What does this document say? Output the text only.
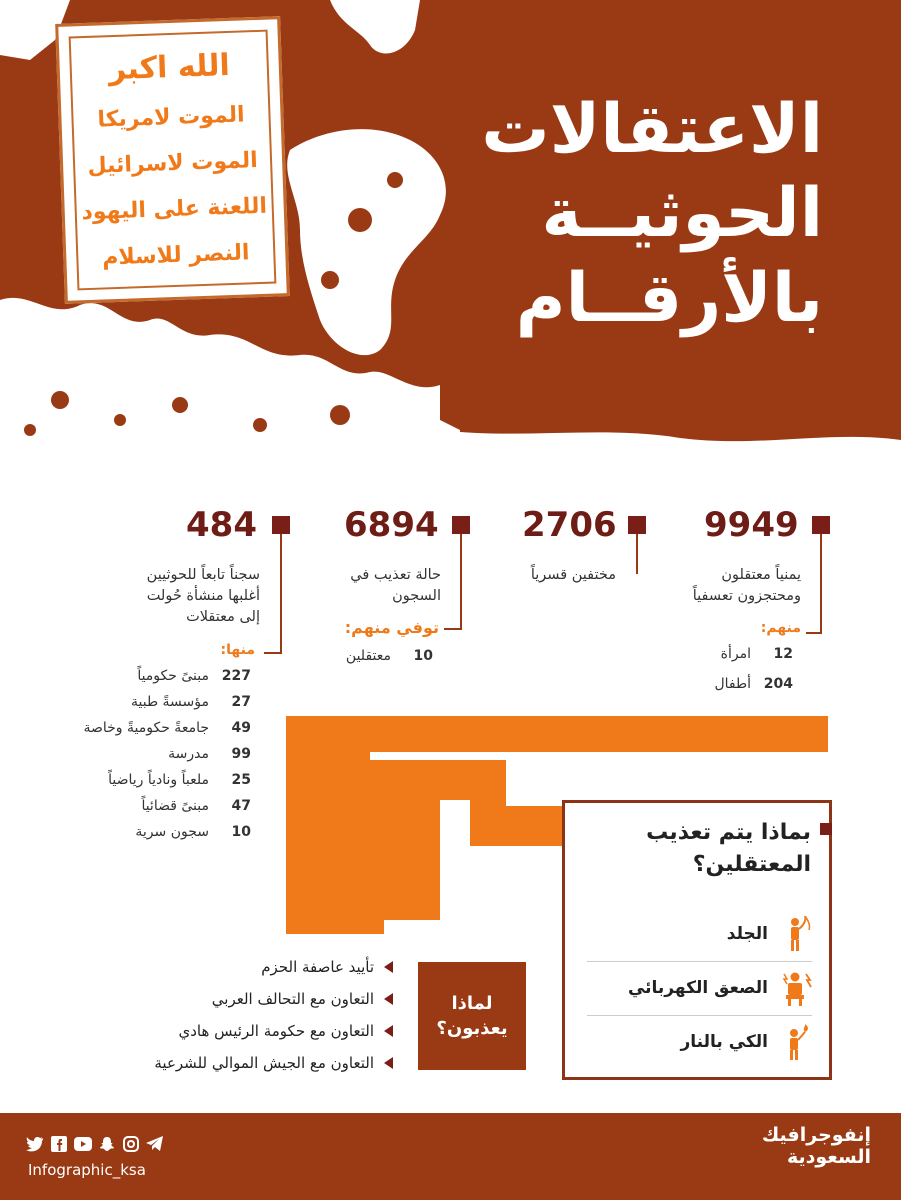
الله اكبر
الموت لامريكا
الموت لاسرائيل
اللعنة على اليهود
النصر للاسلام
الاعتقالات
الحوثيــة
بالأرقــام
9949
يمنياً معتقلون
ومحتجزون تعسفياً
منهم:
12
امرأة
204
أطفال
2706
مختفين قسرياً
6894
حالة تعذيب في
السجون
توفي منهم:
10
معتقلين
484
سجناً تابعاً للحوثيين
أغلبها منشأة حُولت
إلى معتقلات
منها:
227
مبنىً حكومياً
27
مؤسسةً طبية
49
جامعةً حكوميةً وخاصة
99
مدرسة
25
ملعباً ونادياً رياضياً
47
مبنىً قضائياً
10
سجون سرية	بماذا يتم تعذيب
المعتقلين؟
الجلد
الصعق الكهربائي
الكي بالنار
لماذا
يعذبون؟
تأييد عاصفة الحزم
التعاون مع التحالف العربي
التعاون مع حكومة الرئيس هادي
التعاون مع الجيش الموالي للشرعية
Infographic_ksa
إنفوجرافيك
السعودية
